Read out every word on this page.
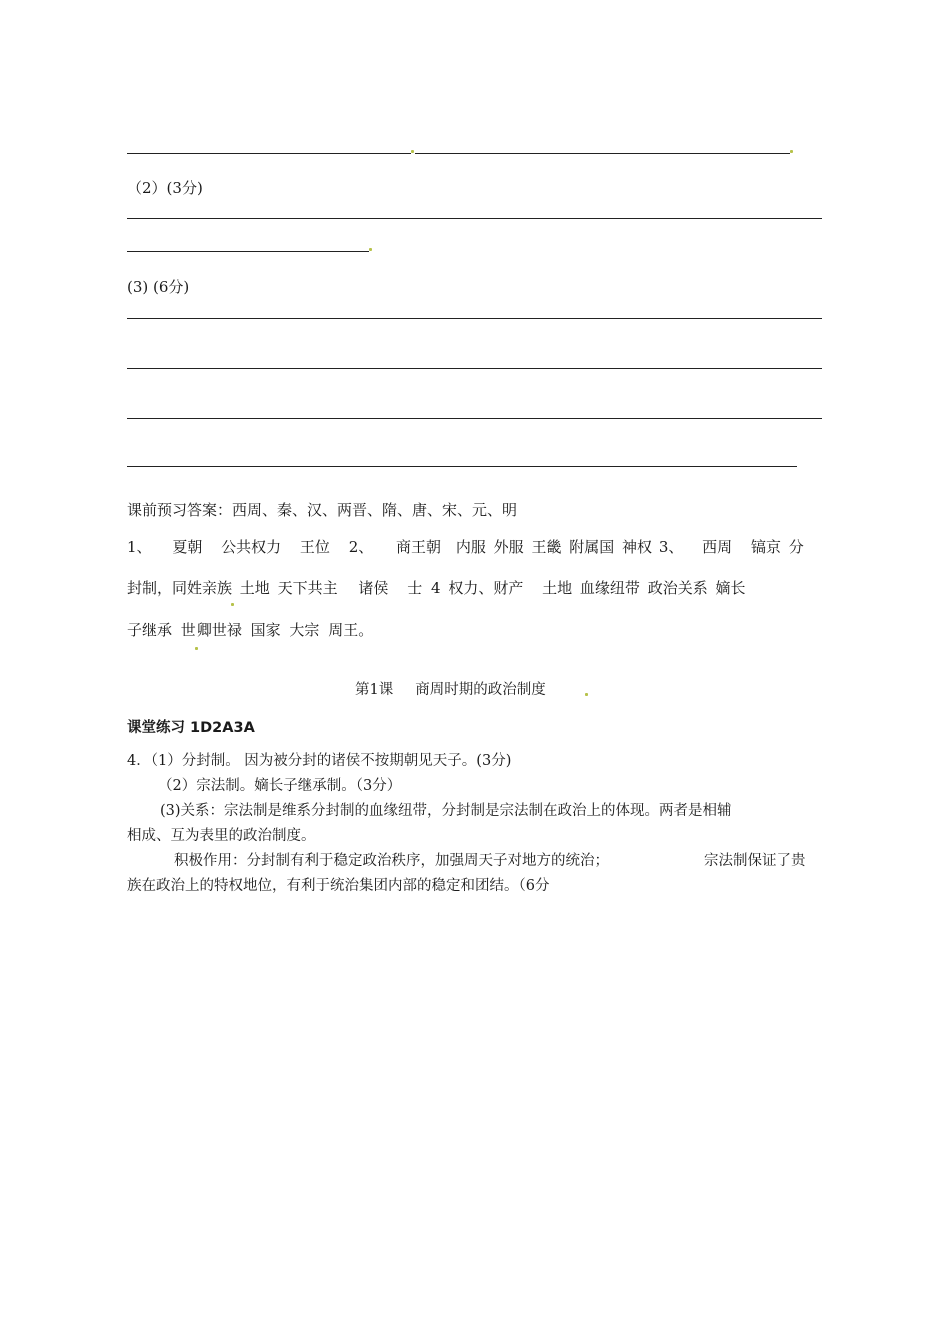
（2）(3分)
(3) (6分)
课前预习答案：西周、秦、汉、两晋、隋、唐、宋、元、明
1、 夏朝 公共权力 王位 2、 商王朝 内服 外服 王畿 附属国 神权 3、 西周 镐京 分
封制，同姓亲族 土地 天下共主 诸侯 士 4 权力、财产 土地 血缘纽带 政治关系 嫡长
子继承 世
卿世禄 国家 大宗 周王。
第1课 商周时期的政治制度
课堂练习 1D2A3A
4．（1）分封制。 因为被分封的诸侯不按期朝见天子。(3分)
（2）宗法制。嫡长子继承制。（3分）
(3)关系：宗法制是维系分封制的血缘纽带，分封制是宗法制在政治上的体现。两者是相辅
相成、互为表里的政治制度。
积极作用：分封制有利于稳定政治秩序，加强周天子对地方的统治；	宗法制保证了贵
族在政治上的特权地位，有利于统治集团内部的稳定和团结。（6分
